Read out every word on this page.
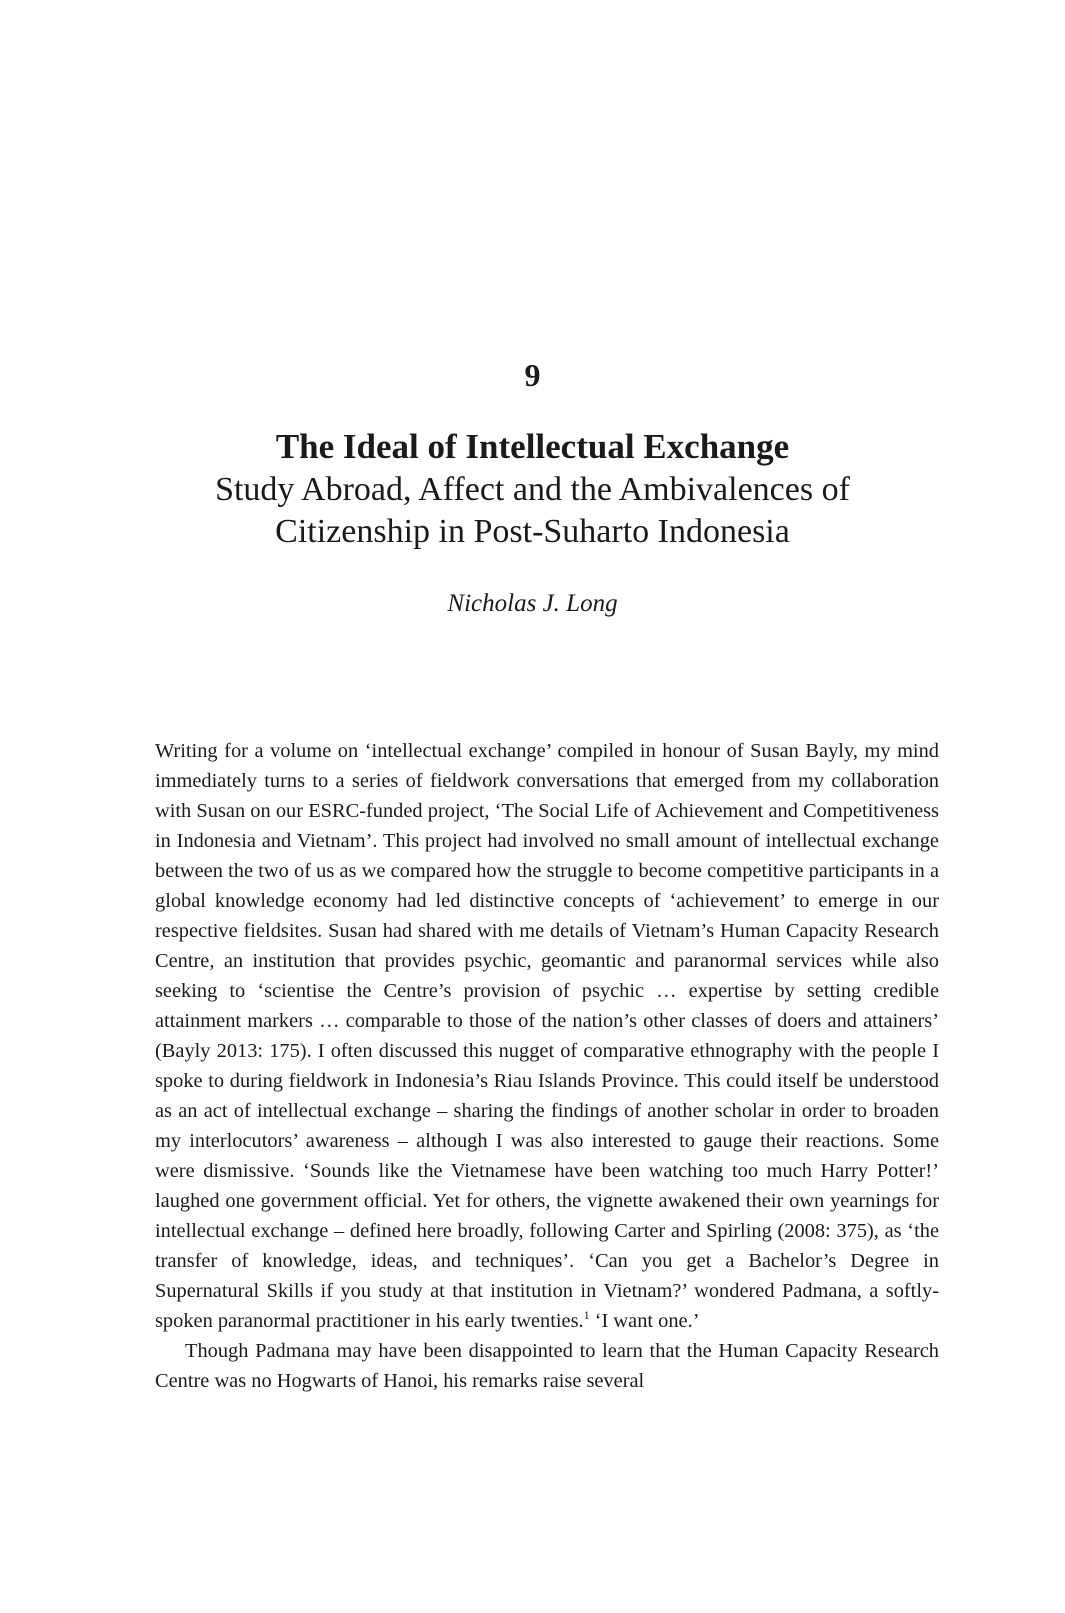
9
The Ideal of Intellectual Exchange
Study Abroad, Affect and the Ambivalences of
Citizenship in Post-Suharto Indonesia
Nicholas J. Long

Writing for a volume on ‘intellectual exchange’ compiled in honour of Susan Bayly, my mind immediately turns to a series of fieldwork conversations that emerged from my collaboration with Susan on our ESRC-funded project, ‘The Social Life of Achievement and Competitiveness in Indonesia and Vietnam’. This project had involved no small amount of intellectual exchange between the two of us as we compared how the struggle to become competitive participants in a global knowledge economy had led distinctive concepts of ‘achievement’ to emerge in our respective fieldsites. Susan had shared with me details of Vietnam’s Human Capacity Research Centre, an institution that provides psychic, geomantic and paranormal services while also seeking to ‘scientise the Centre’s provision of psychic … expertise by setting credible attainment markers … comparable to those of the nation’s other classes of doers and attainers’ (Bayly 2013: 175). I often discussed this nugget of comparative ethnography with the people I spoke to during fieldwork in Indonesia’s Riau Islands Province. This could itself be understood as an act of intellectual exchange – sharing the findings of another scholar in order to broaden my interlocutors’ awareness – although I was also interested to gauge their reactions. Some were dismissive. ‘Sounds like the Vietnamese have been watching too much Harry Potter!’ laughed one government official. Yet for others, the vignette awakened their own yearnings for intellectual exchange – defined here broadly, following Carter and Spirling (2008: 375), as ‘the transfer of knowledge, ideas, and techniques’. ‘Can you get a Bachelor’s Degree in Supernatural Skills if you study at that institution in Vietnam?’ wondered Padmana, a softly-spoken paranormal practitioner in his early twenties.$^1$ ‘I want one.’

Though Padmana may have been disappointed to learn that the Human Capacity Research Centre was no Hogwarts of Hanoi, his remarks raise several
